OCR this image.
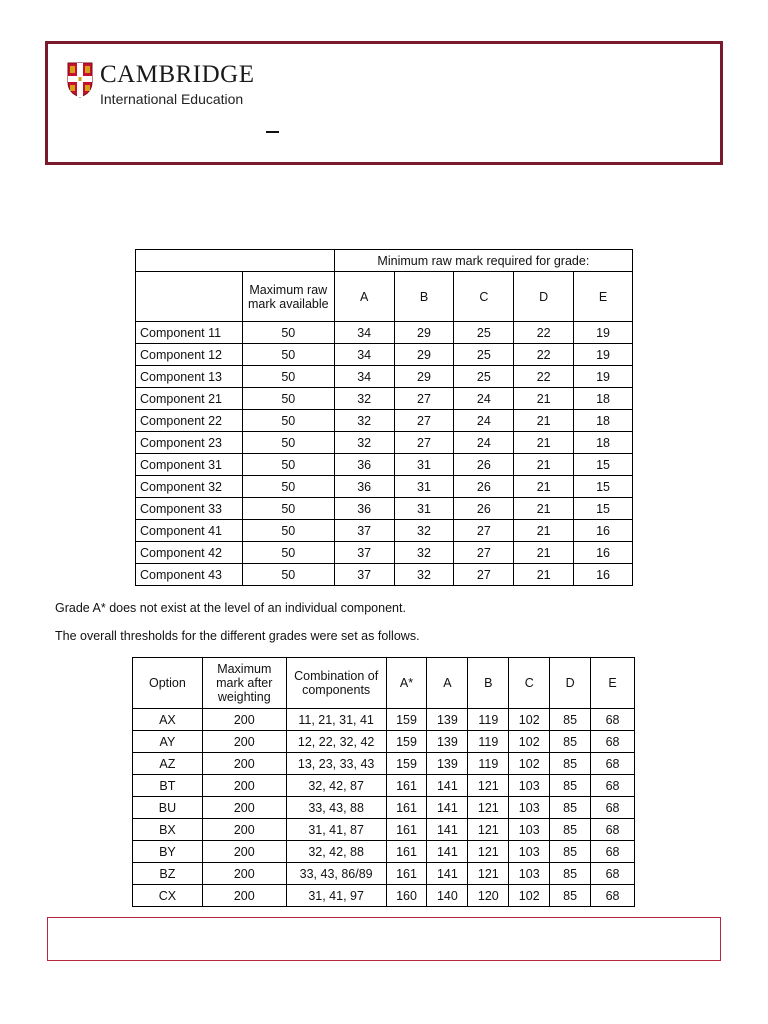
CAMBRIDGE
International Education
		Minimum raw mark required for grade:				
	Maximum raw mark available	A	B	C	D	E
Component 11	50	34	29	25	22	19
Component 12	50	34	29	25	22	19
Component 13	50	34	29	25	22	19
Component 21	50	32	27	24	21	18
Component 22	50	32	27	24	21	18
Component 23	50	32	27	24	21	18
Component 31	50	36	31	26	21	15
Component 32	50	36	31	26	21	15
Component 33	50	36	31	26	21	15
Component 41	50	37	32	27	21	16
Component 42	50	37	32	27	21	16
Component 43	50	37	32	27	21	16
Grade A* does not exist at the level of an individual component.
The overall thresholds for the different grades were set as follows.
Option	Maximum mark after weighting	Combination of components	A*	A	B	C	D	E
AX	200	11, 21, 31, 41	159	139	119	102	85	68
AY	200	12, 22, 32, 42	159	139	119	102	85	68
AZ	200	13, 23, 33, 43	159	139	119	102	85	68
BT	200	32, 42, 87	161	141	121	103	85	68
BU	200	33, 43, 88	161	141	121	103	85	68
BX	200	31, 41, 87	161	141	121	103	85	68
BY	200	32, 42, 88	161	141	121	103	85	68
BZ	200	33, 43, 86/89	161	141	121	103	85	68
CX	200	31, 41, 97	160	140	120	102	85	68
